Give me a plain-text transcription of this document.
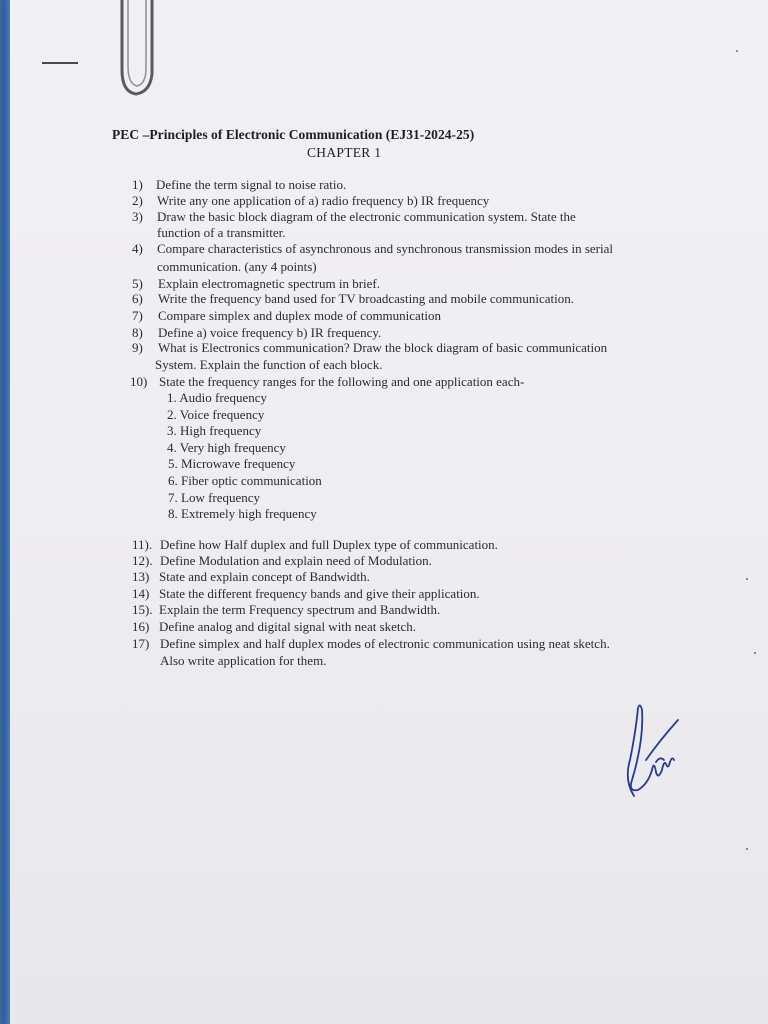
PEC –Principles of Electronic Communication (EJ31-2024-25)
CHAPTER 1
1) Define the term signal to noise ratio.
2) Write any one application of a) radio frequency b) IR frequency
3) Draw the basic block diagram of the electronic communication system. State the
function of a transmitter.
4) Compare characteristics of asynchronous and synchronous transmission modes in serial
communication. (any 4 points)
5) Explain electromagnetic spectrum in brief.
6) Write the frequency band used for TV broadcasting and mobile communication.
7) Compare simplex and duplex mode of communication
8) Define a) voice frequency b) IR frequency.
9) What is Electronics communication? Draw the block diagram of basic communication
System. Explain the function of each block.
10) State the frequency ranges for the following and one application each-
11). Define how Half duplex and full Duplex type of communication.
12). Define Modulation and explain need of Modulation.
13) State and explain concept of Bandwidth.
14) State the different frequency bands and give their application.
15). Explain the term Frequency spectrum and Bandwidth.
16) Define analog and digital signal with neat sketch.
17) Define simplex and half duplex modes of electronic communication using neat sketch.
Also write application for them.
1. Audio frequency
2. Voice frequency
3. High frequency
4. Very high frequency
5. Microwave frequency
6. Fiber optic communication
7. Low frequency
8. Extremely high frequency
